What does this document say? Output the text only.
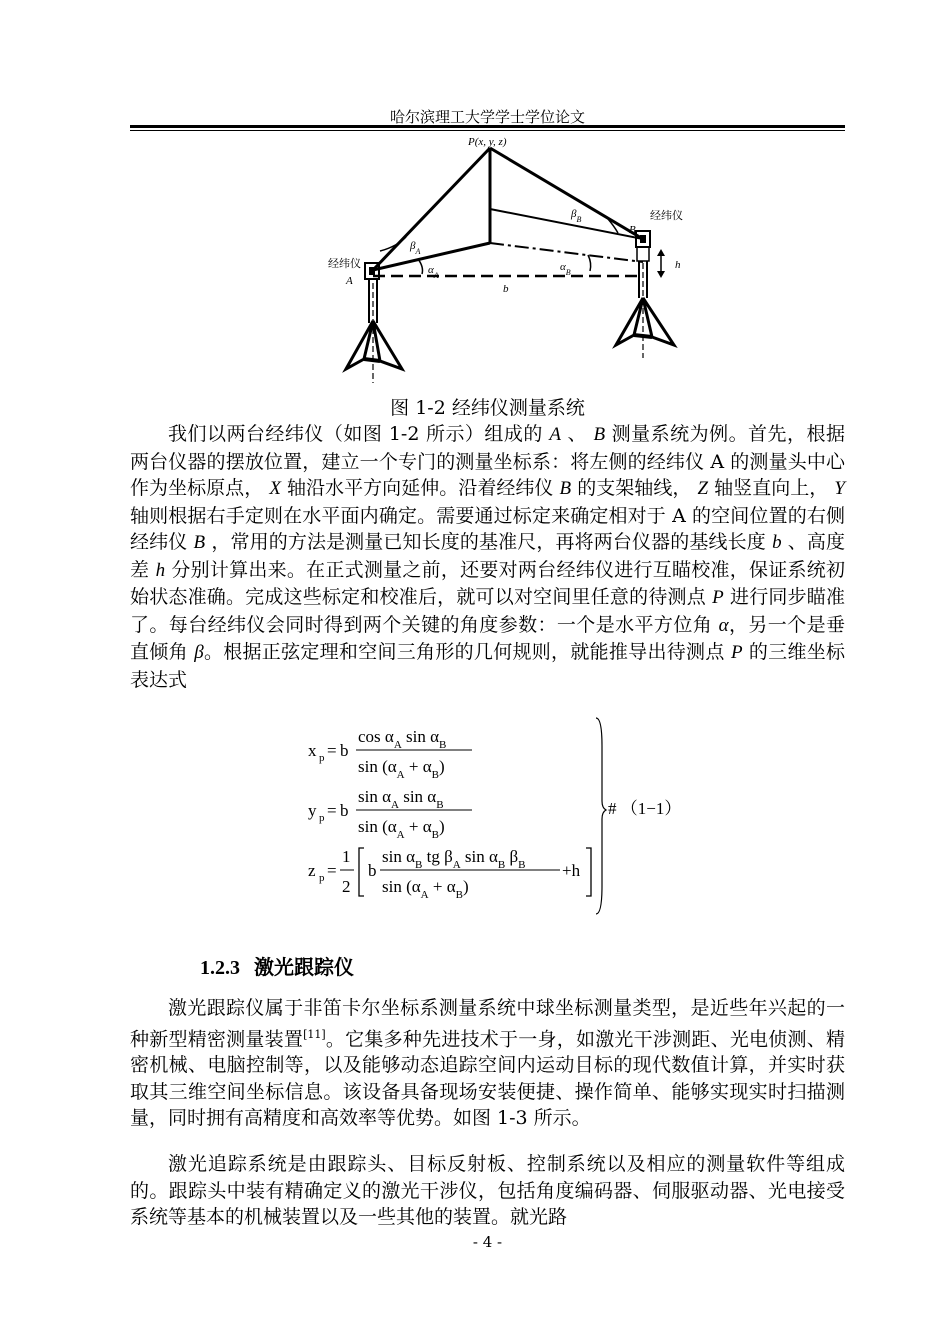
哈尔滨理工大学学士学位论文
P(x, y, z)
经纬仪
经纬仪
A
B
$\beta_A$
$\beta_B$
$\alpha_A$
$\alpha_B$
b
h
图 1-2 经纬仪测量系统

我们以两台经纬仪（如图 1-2 所示）组成的 A 、 B 测量系统为例。首先，根据两台仪器的摆放位置，建立一个专门的测量坐标系：将左侧的经纬仪 A 的测量头中心作为坐标原点， X 轴沿水平方向延伸。沿着经纬仪 B 的支架轴线， Z 轴竖直向上， Y 轴则根据右手定则在水平面内确定。需要通过标定来确定相对于 A 的空间位置的右侧经纬仪 B ，常用的方法是测量已知长度的基准尺，再将两台仪器的基线长度 b 、高度差 h 分别计算出来。在正式测量之前，还要对两台经纬仪进行互瞄校准，保证系统初始状态准确。完成这些标定和校准后，就可以对空间里任意的待测点 P 进行同步瞄准了。每台经纬仪会同时得到两个关键的角度参数：一个是水平方位角 α，另一个是垂直倾角 β。根据正弦定理和空间三角形的几何规则，就能推导出待测点 P 的三维坐标表达式

x p = b
$\cos \alpha_A$ $\sin \alpha_B$
$\sin (\alpha_A + \alpha_B)$
y p = b
$\sin \alpha_A$ $\sin \alpha_B$
$\sin (\alpha_A + \alpha_B)$
z p =
1
2
b
$\sin \alpha_B$ tg $\beta_A$ $\sin \alpha_B$ $\beta_B$
$\sin (\alpha_A + \alpha_B)$
+h
# （1−1）
1.2.3 激光跟踪仪

激光跟踪仪属于非笛卡尔坐标系测量系统中球坐标测量类型，是近些年兴起的一种新型精密测量装置[11]。它集多种先进技术于一身，如激光干涉测距、光电侦测、精密机械、电脑控制等，以及能够动态追踪空间内运动目标的现代数值计算，并实时获取其三维空间坐标信息。该设备具备现场安装便捷、操作简单、能够实现实时扫描测量，同时拥有高精度和高效率等优势。如图 1-3 所示。

激光追踪系统是由跟踪头、目标反射板、控制系统以及相应的测量软件等组成的。跟踪头中装有精确定义的激光干涉仪，包括角度编码器、伺服驱动器、光电接受系统等基本的机械装置以及一些其他的装置。就光路

- 4 -
